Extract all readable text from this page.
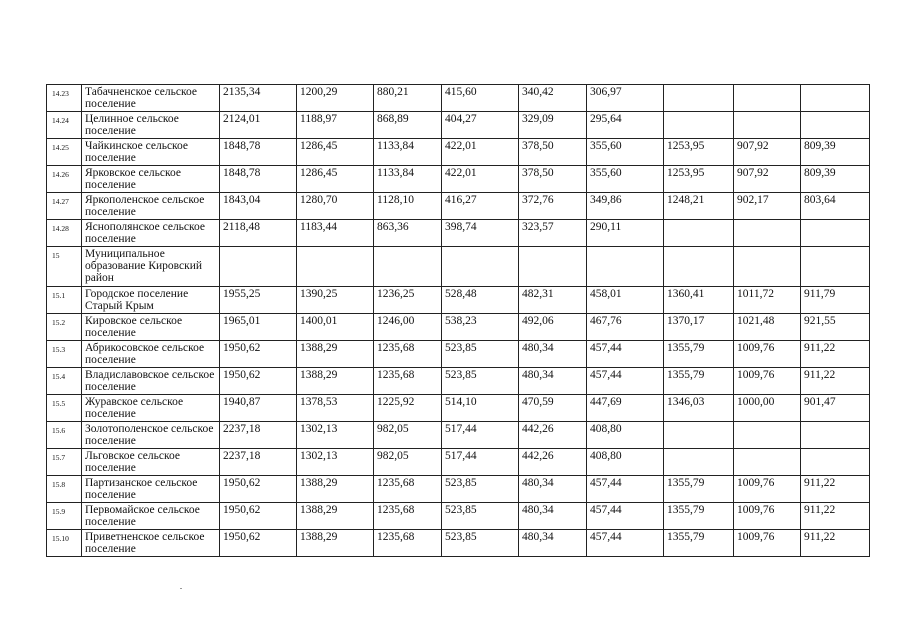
14.23	Табачненское сельское поселение	2135,34	1200,29	880,21	415,60	340,42	306,97			
14.24	Целинное сельское поселение	2124,01	1188,97	868,89	404,27	329,09	295,64			
14.25	Чайкинское сельское поселение	1848,78	1286,45	1133,84	422,01	378,50	355,60	1253,95	907,92	809,39
14.26	Ярковское сельское поселение	1848,78	1286,45	1133,84	422,01	378,50	355,60	1253,95	907,92	809,39
14.27	Яркополенское сельское поселение	1843,04	1280,70	1128,10	416,27	372,76	349,86	1248,21	902,17	803,64
14.28	Яснополянское сельское поселение	2118,48	1183,44	863,36	398,74	323,57	290,11			
15	Муниципальное образование Кировский район									
15.1	Городское поселение Старый Крым	1955,25	1390,25	1236,25	528,48	482,31	458,01	1360,41	1011,72	911,79
15.2	Кировское сельское поселение	1965,01	1400,01	1246,00	538,23	492,06	467,76	1370,17	1021,48	921,55
15.3	Абрикосовское сельское поселение	1950,62	1388,29	1235,68	523,85	480,34	457,44	1355,79	1009,76	911,22
15.4	Владиславовское сельское поселение	1950,62	1388,29	1235,68	523,85	480,34	457,44	1355,79	1009,76	911,22
15.5	Журавское сельское поселение	1940,87	1378,53	1225,92	514,10	470,59	447,69	1346,03	1000,00	901,47
15.6	Золотополенское сельское поселение	2237,18	1302,13	982,05	517,44	442,26	408,80			
15.7	Льговское сельское поселение	2237,18	1302,13	982,05	517,44	442,26	408,80			
15.8	Партизанское сельское поселение	1950,62	1388,29	1235,68	523,85	480,34	457,44	1355,79	1009,76	911,22
15.9	Первомайское сельское поселение	1950,62	1388,29	1235,68	523,85	480,34	457,44	1355,79	1009,76	911,22
15.10	Приветненское сельское поселение	1950,62	1388,29	1235,68	523,85	480,34	457,44	1355,79	1009,76	911,22
